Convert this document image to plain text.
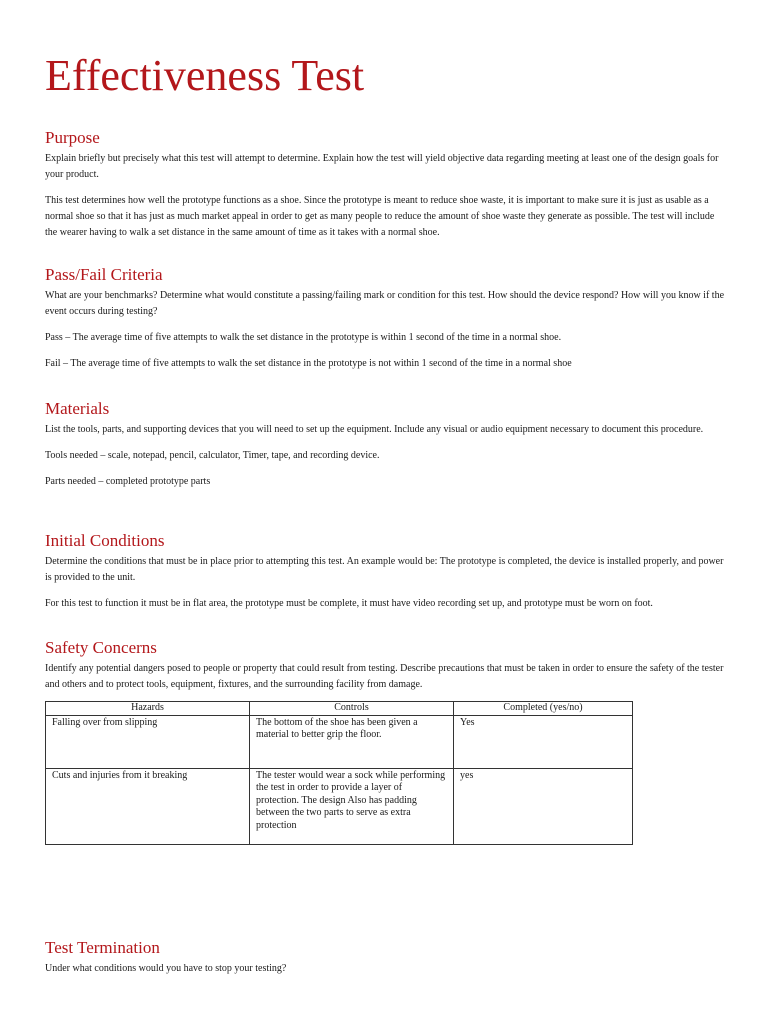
Effectiveness Test
Purpose

Explain briefly but precisely what this test will attempt to determine. Explain how the test will yield objective data regarding meeting at least one of the design goals for your product.

This test determines how well the prototype functions as a shoe. Since the prototype is meant to reduce shoe waste, it is important to make sure it is just as usable as a normal shoe so that it has just as much market appeal in order to get as many people to reduce the amount of shoe waste they generate as possible. The test will include the wearer having to walk a set distance in the same amount of time as it takes with a normal shoe.

Pass/Fail Criteria

What are your benchmarks? Determine what would constitute a passing/failing mark or condition for this test. How should the device respond? How will you know if the event occurs during testing?

Pass – The average time of five attempts to walk the set distance in the prototype is within 1 second of the time in a normal shoe.

Fail – The average time of five attempts to walk the set distance in the prototype is not within 1 second of the time in a normal shoe

Materials

List the tools, parts, and supporting devices that you will need to set up the equipment. Include any visual or audio equipment necessary to document this procedure.

Tools needed – scale, notepad, pencil, calculator, Timer, tape, and recording device.

Parts needed – completed prototype parts

Initial Conditions

Determine the conditions that must be in place prior to attempting this test. An example would be: The prototype is completed, the device is installed properly, and power is provided to the unit.

For this test to function it must be in flat area, the prototype must be complete, it must have video recording set up, and prototype must be worn on foot.

Safety Concerns

Identify any potential dangers posed to people or property that could result from testing. Describe precautions that must be taken in order to ensure the safety of the tester and others and to protect tools, equipment, fixtures, and the surrounding facility from damage.

Hazards	Controls	Completed (yes/no)
Falling over from slipping	The bottom of the shoe has been given a material to better grip the floor.	Yes
Cuts and injuries from it breaking	The tester would wear a sock while performing the test in order to provide a layer of protection. The design Also has padding between the two parts to serve as extra protection	yes
Test Termination

Under what conditions would you have to stop your testing?
